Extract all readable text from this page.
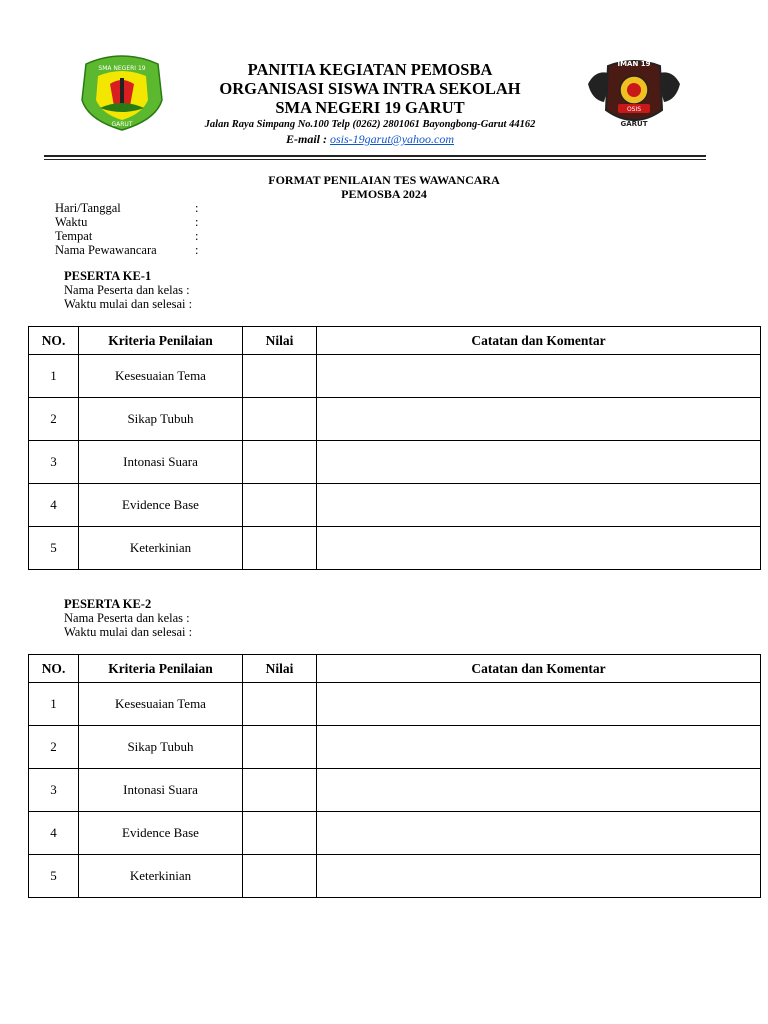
SMA NEGERI 19
GARUT
PANITIA KEGIATAN PEMOSBA
ORGANISASI SISWA INTRA SEKOLAH
SMA NEGERI 19 GARUT
Jalan Raya Simpang No.100 Telp (0262) 2801061 Bayongbong-Garut 44162
E-mail : osis-19garut@yahoo.com
IMAN 19
OSIS
GARUT
FORMAT PENILAIAN TES WAWANCARA
PEMOSBA 2024
Hari/Tanggal	:
Waktu	:
Tempat	:
Nama Pewawancara	:
PESERTA KE-1
Nama Peserta dan kelas :
Waktu mulai dan selesai :
NO.	Kriteria Penilaian	Nilai	Catatan dan Komentar
1	Kesesuaian Tema		
2	Sikap Tubuh		
3	Intonasi Suara		
4	Evidence Base		
5	Keterkinian		
PESERTA KE-2
Nama Peserta dan kelas :
Waktu mulai dan selesai :
NO.	Kriteria Penilaian	Nilai	Catatan dan Komentar
1	Kesesuaian Tema		
2	Sikap Tubuh		
3	Intonasi Suara		
4	Evidence Base		
5	Keterkinian		
